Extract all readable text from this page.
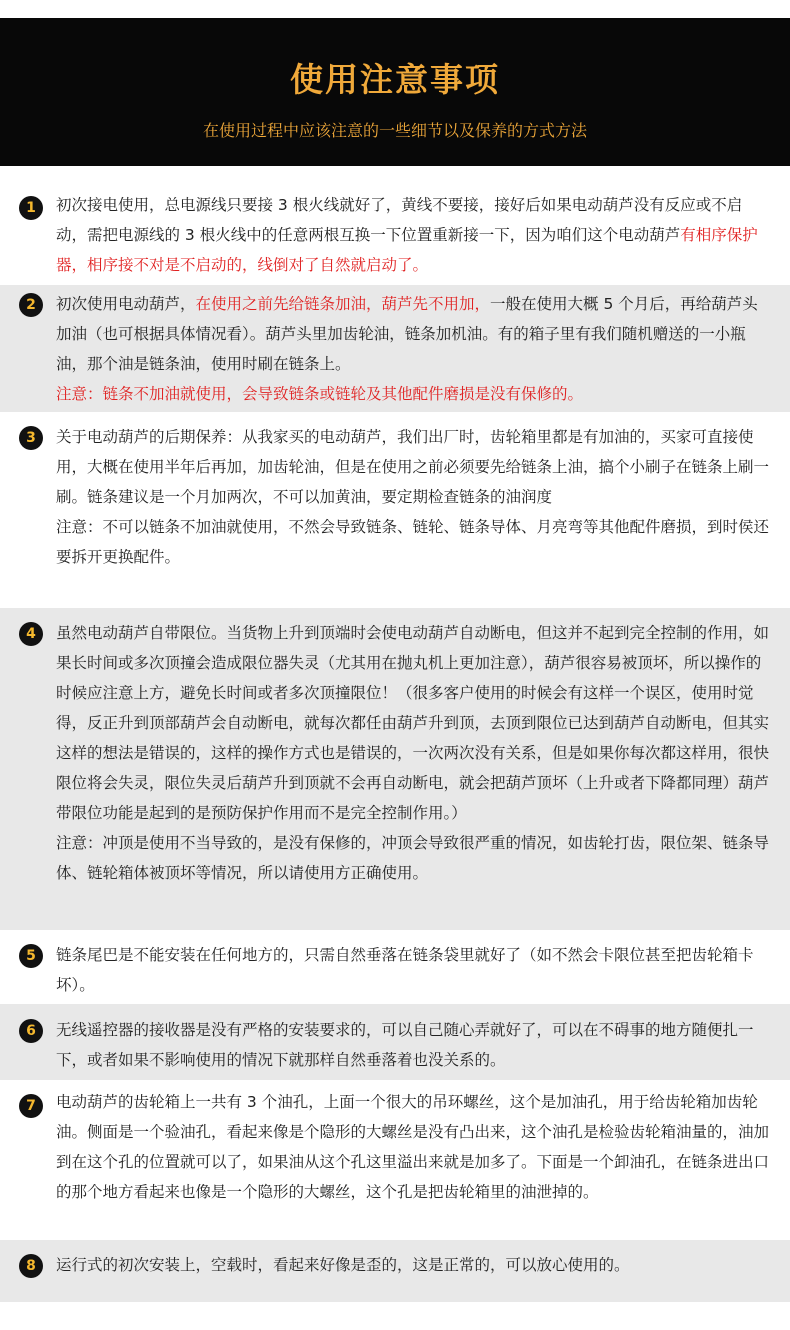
使用注意事项
在使用过程中应该注意的一些细节以及保养的方式方法
1	初次接电使用，总电源线只要接 3 根火线就好了，黄线不要接，接好后如果电动葫芦没有反应或不启动，需把电源线的 3 根火线中的任意两根互换一下位置重新接一下，因为咱们这个电动葫芦有相序保护器，相序接不对是不启动的，线倒对了自然就启动了。
2	初次使用电动葫芦，在使用之前先给链条加油，葫芦先不用加，一般在使用大概 5 个月后，再给葫芦头加油（也可根据具体情况看）。葫芦头里加齿轮油，链条加机油。有的箱子里有我们随机赠送的一小瓶油，那个油是链条油，使用时刷在链条上。
注意：链条不加油就使用，会导致链条或链轮及其他配件磨损是没有保修的。
3	关于电动葫芦的后期保养：从我家买的电动葫芦，我们出厂时，齿轮箱里都是有加油的，买家可直接使用，大概在使用半年后再加，加齿轮油，但是在使用之前必须要先给链条上油，搞个小刷子在链条上刷一刷。链条建议是一个月加两次，不可以加黄油，要定期检查链条的油润度
注意：不可以链条不加油就使用，不然会导致链条、链轮、链条导体、月亮弯等其他配件磨损，到时侯还要拆开更换配件。
4	虽然电动葫芦自带限位。当货物上升到顶端时会使电动葫芦自动断电，但这并不起到完全控制的作用，如果长时间或多次顶撞会造成限位器失灵（尤其用在抛丸机上更加注意），葫芦很容易被顶坏，所以操作的时候应注意上方，避免长时间或者多次顶撞限位！（很多客户使用的时候会有这样一个误区，使用时觉得，反正升到顶部葫芦会自动断电，就每次都任由葫芦升到顶，去顶到限位已达到葫芦自动断电，但其实这样的想法是错误的，这样的操作方式也是错误的，一次两次没有关系，但是如果你每次都这样用，很快限位将会失灵，限位失灵后葫芦升到顶就不会再自动断电，就会把葫芦顶坏（上升或者下降都同理）葫芦带限位功能是起到的是预防保护作用而不是完全控制作用。）
注意：冲顶是使用不当导致的，是没有保修的，冲顶会导致很严重的情况，如齿轮打齿，限位架、链条导体、链轮箱体被顶坏等情况，所以请使用方正确使用。
5	链条尾巴是不能安装在任何地方的，只需自然垂落在链条袋里就好了（如不然会卡限位甚至把齿轮箱卡坏）。
6	无线遥控器的接收器是没有严格的安装要求的，可以自己随心弄就好了，可以在不碍事的地方随便扎一下，或者如果不影响使用的情况下就那样自然垂落着也没关系的。
7	电动葫芦的齿轮箱上一共有 3 个油孔，上面一个很大的吊环螺丝，这个是加油孔，用于给齿轮箱加齿轮油。侧面是一个验油孔，看起来像是个隐形的大螺丝是没有凸出来，这个油孔是检验齿轮箱油量的，油加到在这个孔的位置就可以了，如果油从这个孔这里溢出来就是加多了。下面是一个卸油孔，在链条进出口的那个地方看起来也像是一个隐形的大螺丝，这个孔是把齿轮箱里的油泄掉的。
8	运行式的初次安装上，空载时，看起来好像是歪的，这是正常的，可以放心使用的。
